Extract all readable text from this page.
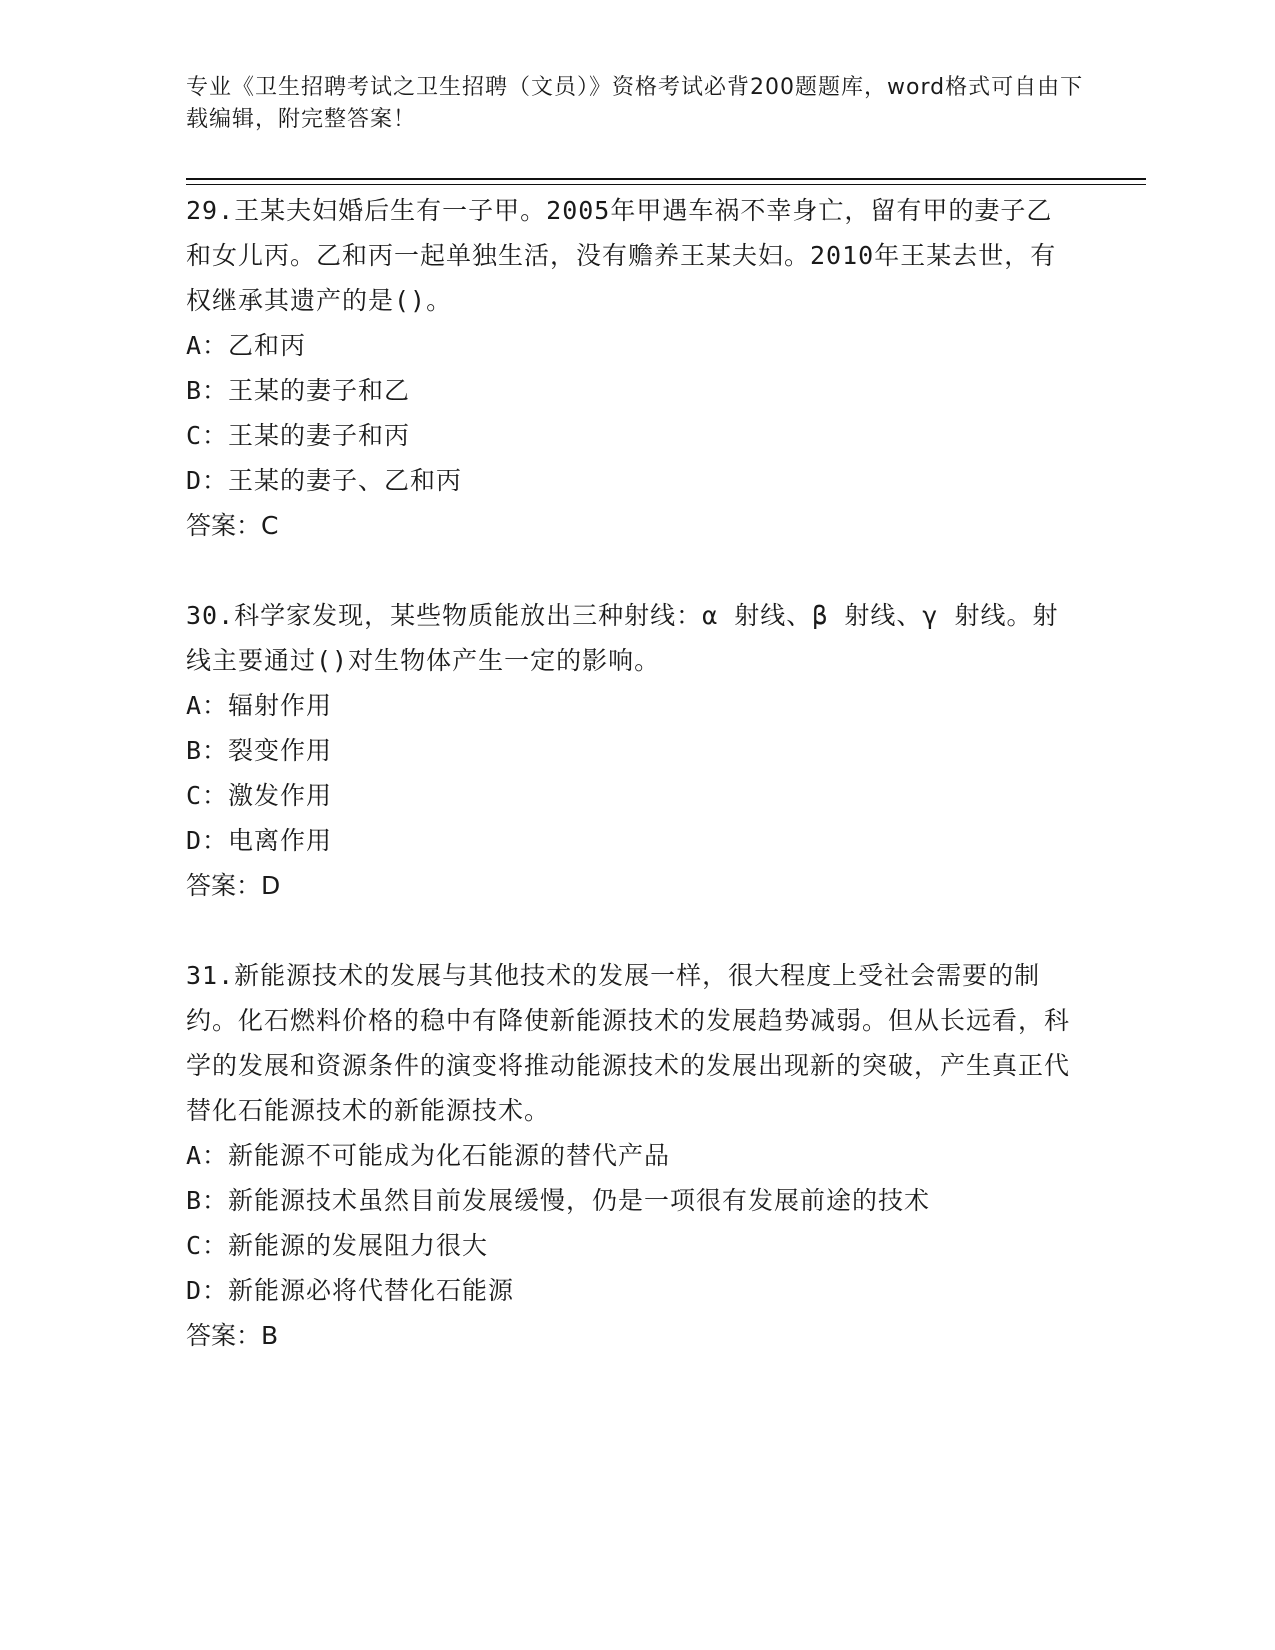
专业《卫生招聘考试之卫生招聘（文员）》资格考试必背200题题库，word格式可自由下载编辑，附完整答案！

29.王某夫妇婚后生有一子甲。2005年甲遇车祸不幸身亡，留有甲的妻子乙和女儿丙。乙和丙一起单独生活，没有赡养王某夫妇。2010年王某去世，有权继承其遗产的是()。

A：乙和丙

B：王某的妻子和乙

C：王某的妻子和丙

D：王某的妻子、乙和丙

答案：C

30.科学家发现，某些物质能放出三种射线：α 射线、β 射线、γ 射线。射线主要通过()对生物体产生一定的影响。

A：辐射作用

B：裂变作用

C：激发作用

D：电离作用

答案：D

31.新能源技术的发展与其他技术的发展一样，很大程度上受社会需要的制约。化石燃料价格的稳中有降使新能源技术的发展趋势减弱。但从长远看，科学的发展和资源条件的演变将推动能源技术的发展出现新的突破，产生真正代替化石能源技术的新能源技术。

A：新能源不可能成为化石能源的替代产品

B：新能源技术虽然目前发展缓慢，仍是一项很有发展前途的技术

C：新能源的发展阻力很大

D：新能源必将代替化石能源

答案：B
